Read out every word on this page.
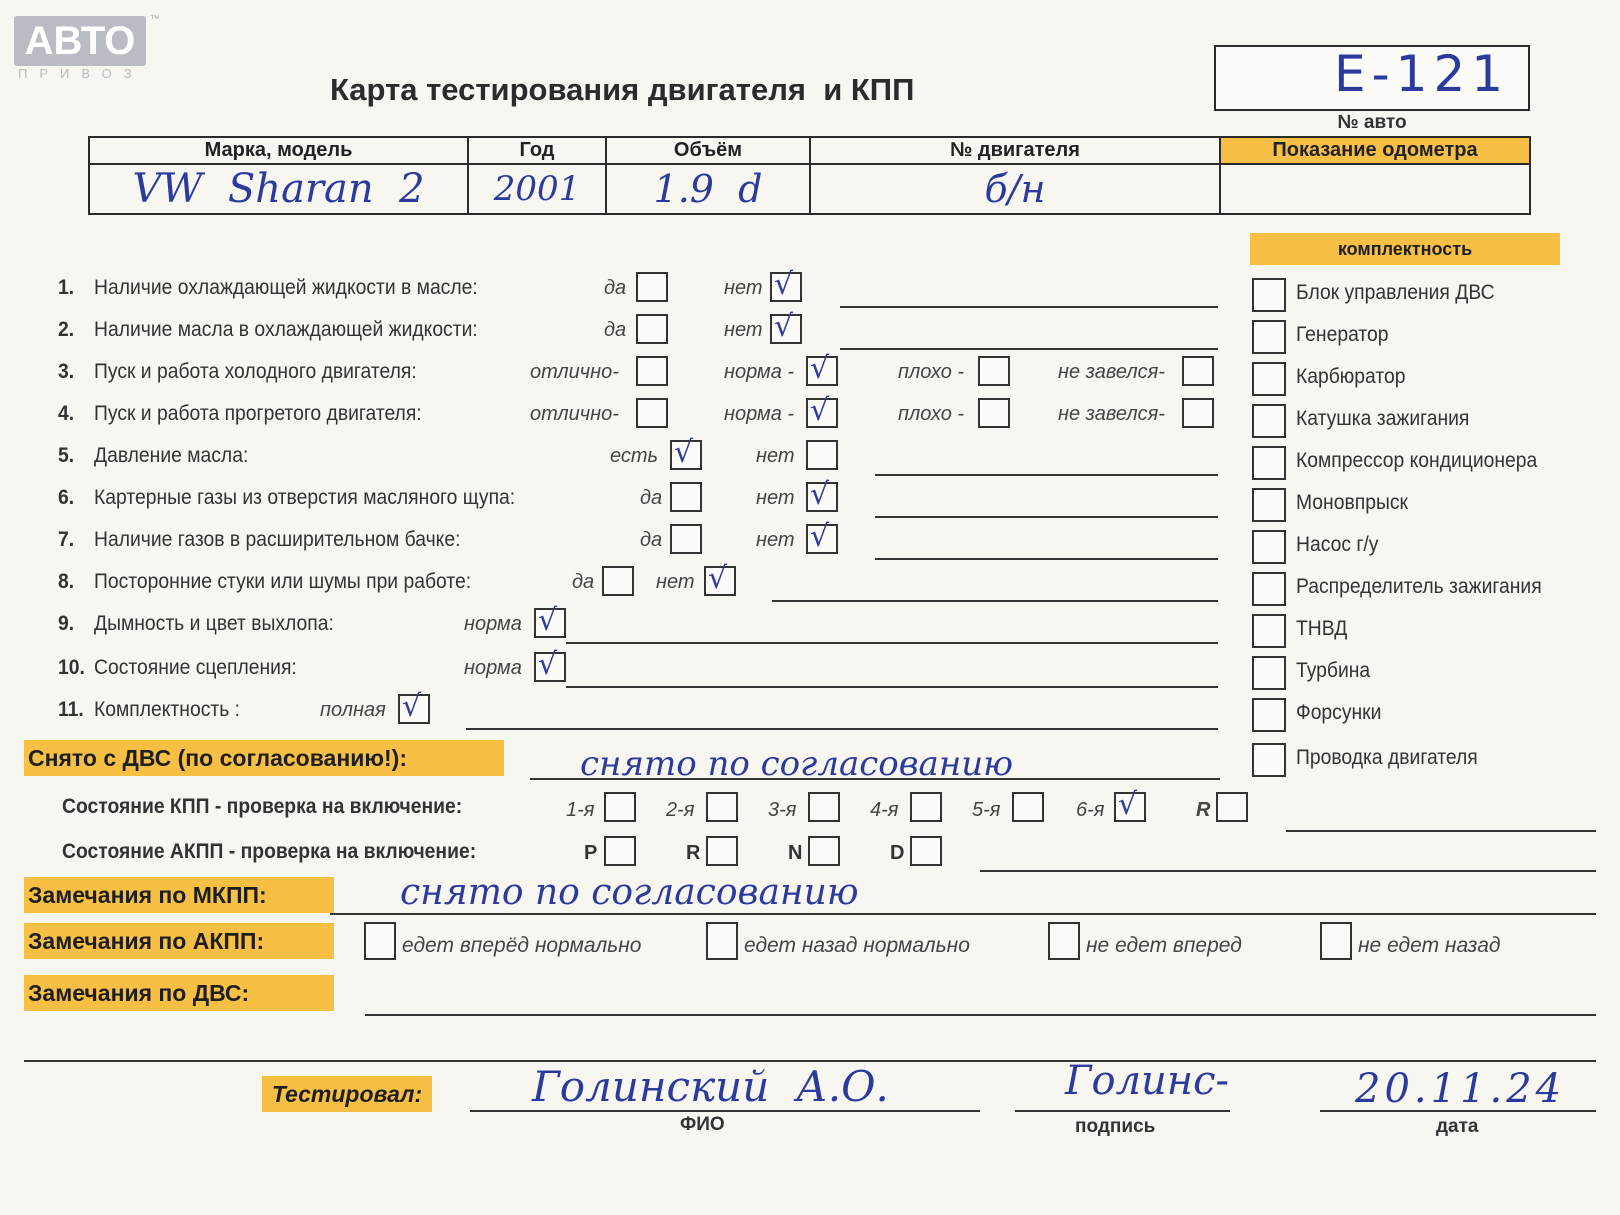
АВТО	™
ПРИВОЗ	Карта тестирования двигателя  и КПП	E-121
№ авто
Марка, модель	Год	Объём	№ двигателя	Показание одометра
VW  Sharan  2	2001	1.9  d	б/н	
комплектность
Блок управления ДВС
Генератор
Карбюратор
Катушка зажигания
Компрессор кондиционера
Моновпрыск
Насос г/у
Распределитель зажигания
ТНВД
Турбина
Форсунки
Проводка двигателя
1. Наличие охлаждающей жидкости в масле:	да	нет √
2. Наличие масла в охлаждающей жидкости:	да	нет √
3. Пуск и работа холодного двигателя:	отлично-	норма - √	плохо -	не завелся-
4. Пуск и работа прогретого двигателя:	отлично-	норма - √	плохо -	не завелся-
5. Давление масла:	есть √	нет
6. Картерные газы из отверстия масляного щупа:	да	нет √
7. Наличие газов в расширительном бачке:	да	нет √
8. Посторонние стуки или шумы при работе:	да	нет √
9. Дымность и цвет выхлопа:	норма √
10. Состояние сцепления:	норма √
11. Комплектность :	полная √
Снято с ДВС (по согласованию!):	снято по согласованию
Состояние КПП - проверка на включение:	1-я	2-я	3-я	4-я	5-я	6-я √	R
Состояние АКПП - проверка на включение:	P	R	N	D
Замечания по МКПП:	снято по согласованию
Замечания по АКПП:	едет вперёд нормально	едет назад нормально	не едет вперед	не едет назад
Замечания по ДВС:
Тестировал:	Голинский  А.О.
ФИО
Голинс-
подпись
20.11.24
дата
